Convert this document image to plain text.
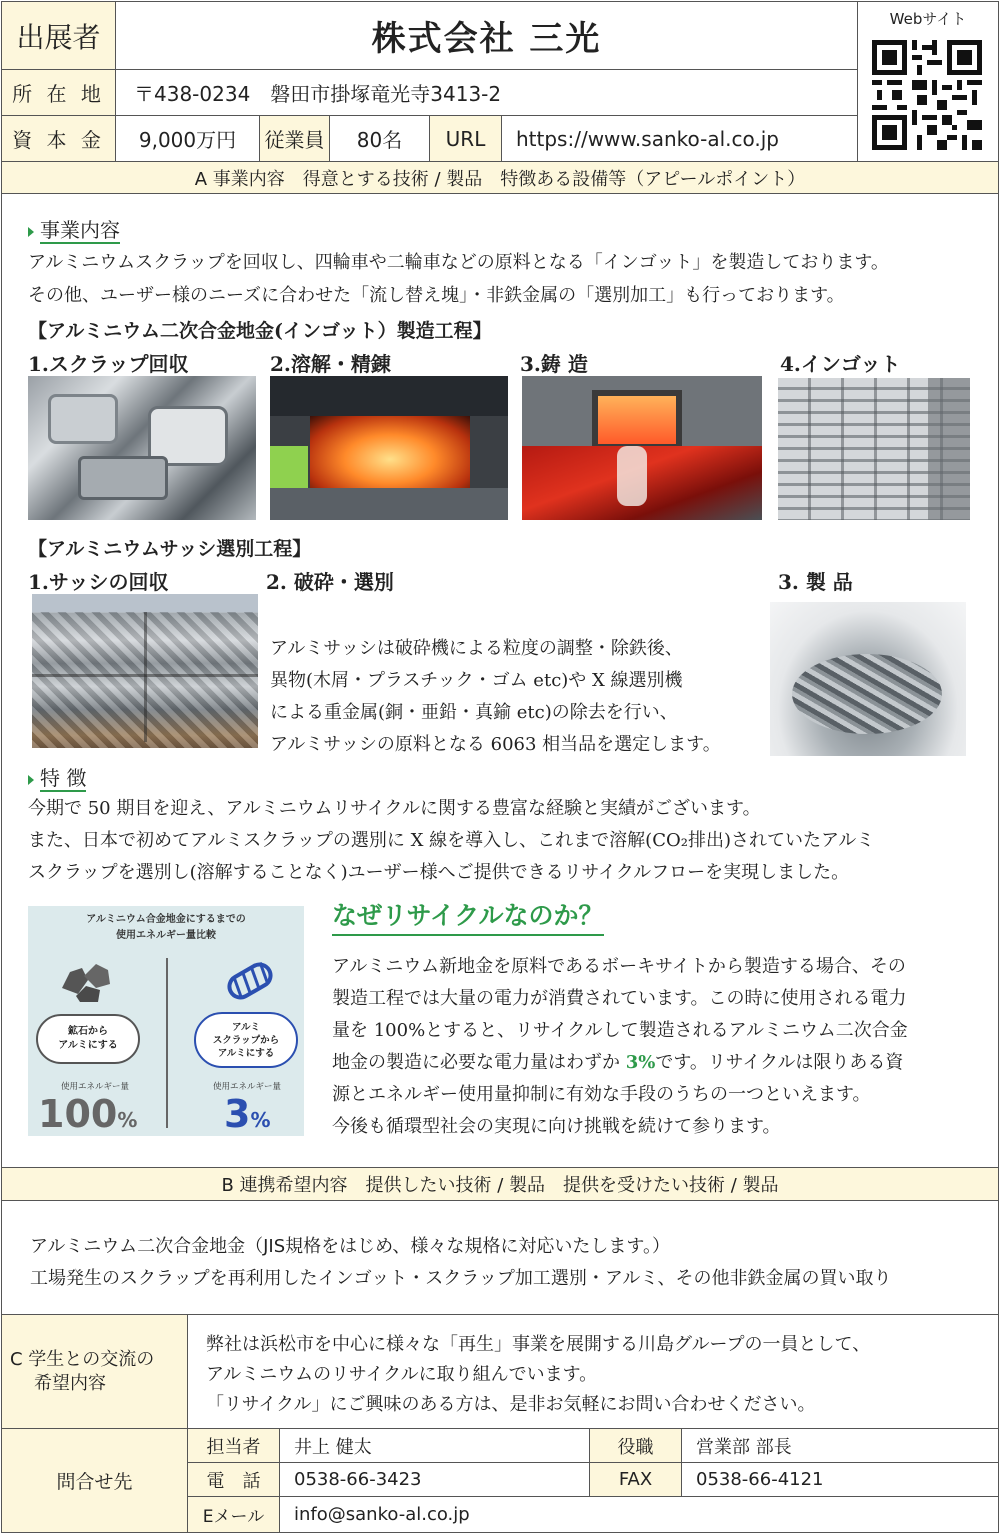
出展者	株式会社 三光
所 在 地	〒438-0234　磐田市掛塚竜光寺3413-2
資 本 金	9,000万円	従業員	80名	URL	https://www.sanko-al.co.jp
Webサイト
A 事業内容　得意とする技術 / 製品　特徴ある設備等（アピールポイント）
事業内容
アルミニウムスクラップを回収し、四輪車や二輪車などの原料となる「インゴット」を製造しております。
その他、ユーザー様のニーズに合わせた「流し替え塊」・非鉄金属の「選別加工」も行っております。
【アルミニウム二次合金地金(インゴット）製造工程】
1.スクラップ回収	2.溶解・精錬	3.鋳 造	4.インゴット
【アルミニウムサッシ選別工程】
1.サッシの回収	2. 破砕・選別	3. 製 品
アルミサッシは破砕機による粒度の調整・除鉄後、
異物(木屑・プラスチック・ゴム etc)や X 線選別機
による重金属(銅・亜鉛・真鍮 etc)の除去を行い、
アルミサッシの原料となる 6063 相当品を選定します。
特 徴
今期で 50 期目を迎え、アルミニウムリサイクルに関する豊富な経験と実績がございます。
また、日本で初めてアルミスクラップの選別に X 線を導入し、これまで溶解(CO₂排出)されていたアルミ
スクラップを選別し(溶解することなく)ユーザー様へご提供できるリサイクルフローを実現しました。
アルミニウム合金地金にするまでの
使用エネルギー量比較
鉱石から
アルミにする
アルミ
スクラップから
アルミにする
使用エネルギー量	使用エネルギー量
100%	3%
なぜリサイクルなのか？
アルミニウム新地金を原料であるボーキサイトから製造する場合、その
製造工程では大量の電力が消費されています。この時に使用される電力
量を 100%とすると、リサイクルして製造されるアルミニウム二次合金
地金の製造に必要な電力量はわずか 3%です。リサイクルは限りある資
源とエネルギー使用量抑制に有効な手段のうちの一つといえます。
今後も循環型社会の実現に向け挑戦を続けて参ります。
B 連携希望内容　提供したい技術 / 製品　提供を受けたい技術 / 製品
アルミニウム二次合金地金（JIS規格をはじめ、様々な規格に対応いたします。）
工場発生のスクラップを再利用したインゴット・スクラップ加工選別・アルミ、その他非鉄金属の買い取り
C 学生との交流の
希望内容
弊社は浜松市を中心に様々な「再生」事業を展開する川島グループの一員として、
アルミニウムのリサイクルに取り組んでいます。
「リサイクル」にご興味のある方は、是非お気軽にお問い合わせください。
問合せ先
担当者	井上 健太	役職	営業部 部長
電　話	0538-66-3423	FAX	0538-66-4121
Eメール	info@sanko-al.co.jp
